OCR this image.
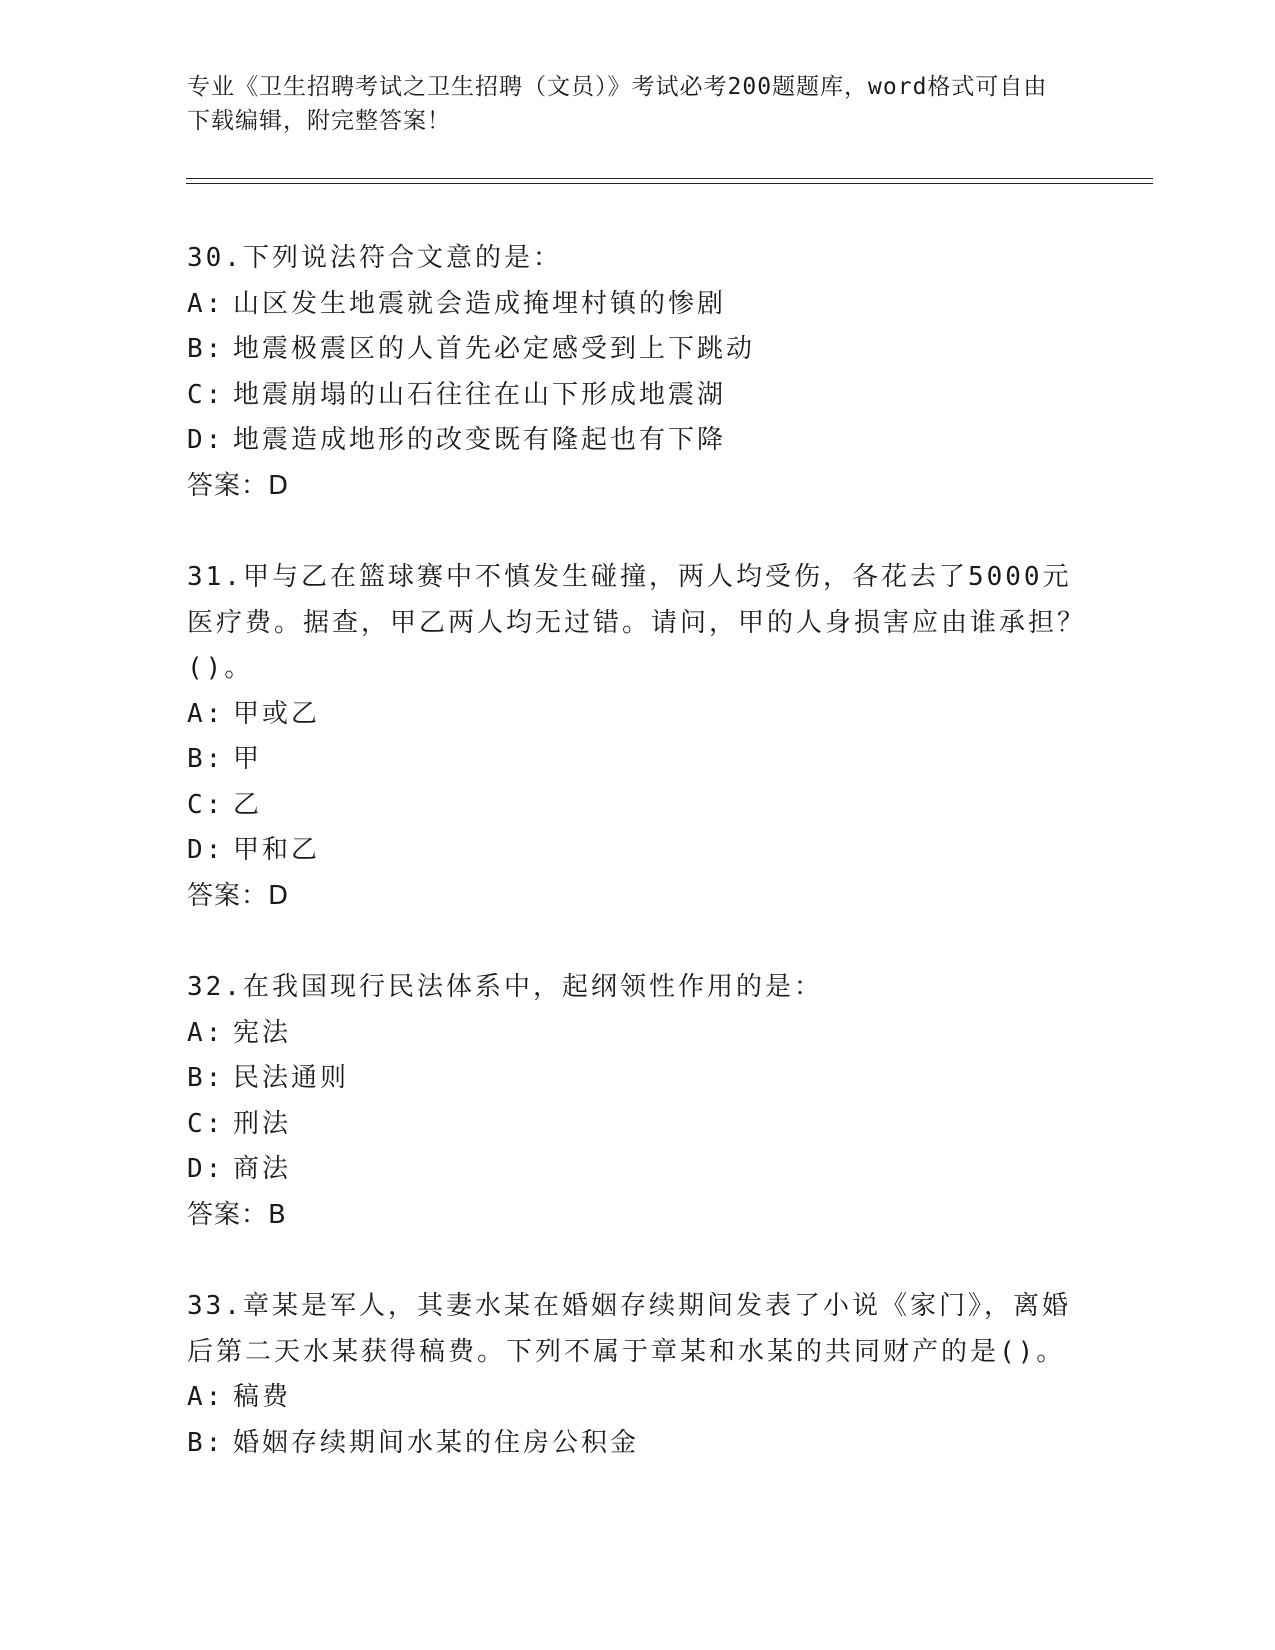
专业《卫生招聘考试之卫生招聘（文员）》考试必考200题题库，word格式可自由下载编辑，附完整答案！
30.下列说法符合文意的是：
A: 山区发生地震就会造成掩埋村镇的惨剧
B: 地震极震区的人首先必定感受到上下跳动
C: 地震崩塌的山石往往在山下形成地震湖
D: 地震造成地形的改变既有隆起也有下降
答案：D
31.甲与乙在篮球赛中不慎发生碰撞，两人均受伤，各花去了5000元医疗费。据查，甲乙两人均无过错。请问，甲的人身损害应由谁承担？()。
A: 甲或乙
B: 甲
C: 乙
D: 甲和乙
答案：D
32.在我国现行民法体系中，起纲领性作用的是：
A: 宪法
B: 民法通则
C: 刑法
D: 商法
答案：B
33.章某是军人，其妻水某在婚姻存续期间发表了小说《家门》，离婚后第二天水某获得稿费。下列不属于章某和水某的共同财产的是()。
A: 稿费
B: 婚姻存续期间水某的住房公积金
